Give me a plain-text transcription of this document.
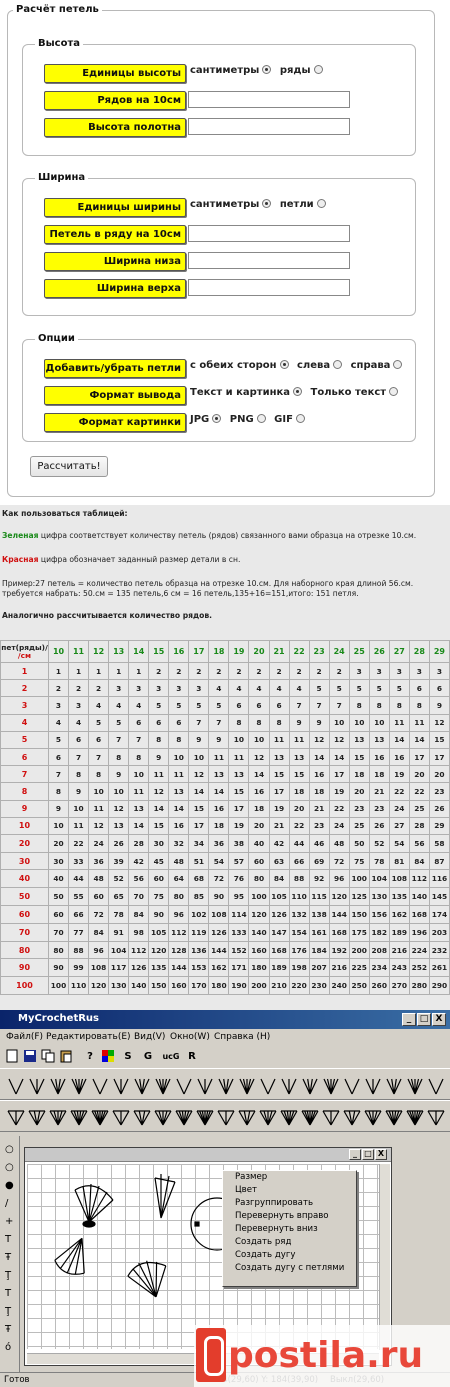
Расчёт петель
Высота
Единицы высоты сантиметры ряды
Рядов на 10см
Высота полотна
Ширина
Единицы ширины сантиметры петли
Петель в ряду на 10см
Ширина низа
Ширина верха
Опции
Добавить/убрать петли с обеих сторон слева справа
Формат вывода Текст и картинка Только текст
Формат картинки JPG PNG GIF
Рассчитать!
Как пользоваться таблицей:
Зеленая цифра соответствует количеству петель (рядов) связанного вами образца на отрезке 10.см.
Красная цифра обозначает заданный размер детали в сн.
Пример:27 петель = количество петель образца на отрезке 10.см. Для наборного края длиной 56.см.
требуется набрать: 50.см = 135 петель,6 см = 16 петель,135+16=151,итого: 151 петля.
Аналогично рассчитывается количество рядов.
пет(ряды)/
/см	10	11	12	13	14	15	16	17	18	19	20	21	22	23	24	25	26	27	28	29
1	1	1	1	1	1	2	2	2	2	2	2	2	2	2	2	3	3	3	3	3
2	2	2	2	3	3	3	3	3	4	4	4	4	4	5	5	5	5	5	6	6
3	3	3	4	4	4	5	5	5	5	6	6	6	7	7	7	8	8	8	8	9
4	4	4	5	5	6	6	6	7	7	8	8	8	9	9	10	10	10	11	11	12
5	5	6	6	7	7	8	8	9	9	10	10	11	11	12	12	13	13	14	14	15
6	6	7	7	8	8	9	10	10	11	11	12	13	13	14	14	15	16	16	17	17
7	7	8	8	9	10	11	11	12	13	13	14	15	15	16	17	18	18	19	20	20
8	8	9	10	10	11	12	13	14	14	15	16	17	18	18	19	20	21	22	22	23
9	9	10	11	12	13	14	14	15	16	17	18	19	20	21	22	23	23	24	25	26
10	10	11	12	13	14	15	16	17	18	19	20	21	22	23	24	25	26	27	28	29
20	20	22	24	26	28	30	32	34	36	38	40	42	44	46	48	50	52	54	56	58
30	30	33	36	39	42	45	48	51	54	57	60	63	66	69	72	75	78	81	84	87
40	40	44	48	52	56	60	64	68	72	76	80	84	88	92	96	100	104	108	112	116
50	50	55	60	65	70	75	80	85	90	95	100	105	110	115	120	125	130	135	140	145
60	60	66	72	78	84	90	96	102	108	114	120	126	132	138	144	150	156	162	168	174
70	70	77	84	91	98	105	112	119	126	133	140	147	154	161	168	175	182	189	196	203
80	80	88	96	104	112	120	128	136	144	152	160	168	176	184	192	200	208	216	224	232
90	90	99	108	117	126	135	144	153	162	171	180	189	198	207	216	225	234	243	252	261
100	100	110	120	130	140	150	160	170	180	190	200	210	220	230	240	250	260	270	280	290
MyCrochetRus	_ □ X
Файл(F) Редактировать(E) Вид(V) Окно(W) Справка (H)
?	S	G	ucG R
○
○
●
/
+
T
Ŧ
Ţ
T
Ţ
Ŧ
ó
_ □ X
Готов
Размер
Цвет
Разгруппировать
Перевернуть вправо
Перевернуть вниз
Создать ряд
Создать дугу
Создать дугу с петлями
postila.ru
